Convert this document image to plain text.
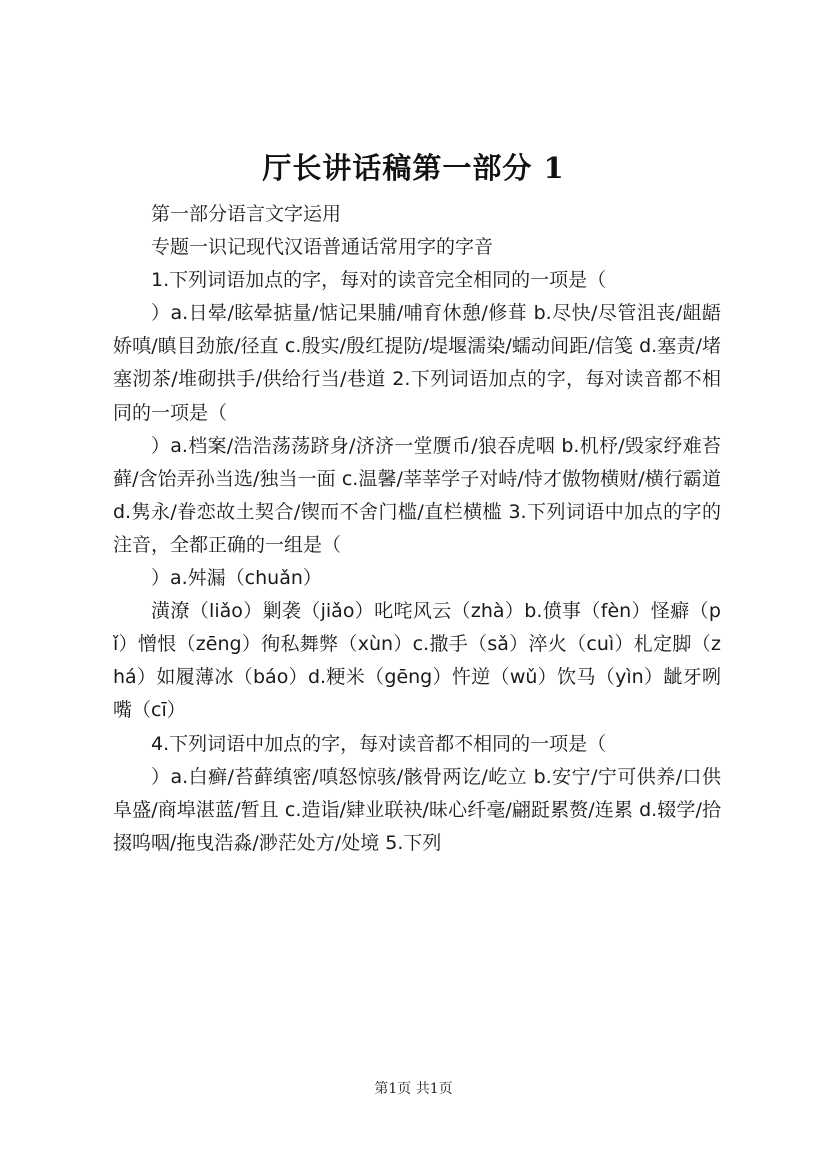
厅长讲话稿第一部分 1

第一部分语言文字运用

专题一识记现代汉语普通话常用字的字音

1.下列词语加点的字，每对的读音完全相同的一项是（

）a.日晕/眩晕掂量/惦记果脯/哺育休憩/修葺 b.尽快/尽管沮丧/龃龉娇嗔/瞋目劲旅/径直 c.殷实/殷红提防/堤堰濡染/蠕动间距/信笺 d.塞责/堵塞沏茶/堆砌拱手/供给行当/巷道 2.下列词语加点的字，每对读音都不相同的一项是（

）a.档案/浩浩荡荡跻身/济济一堂赝币/狼吞虎咽 b.机杼/毁家纾难苔藓/含饴弄孙当选/独当一面 c.温馨/莘莘学子对峙/恃才傲物横财/横行霸道 d.隽永/眷恋故土契合/锲而不舍门槛/直栏横槛 3.下列词语中加点的字的注音，全都正确的一组是（

）a.舛漏（chuǎn）

潢潦（liǎo）剿袭（jiǎo）叱咤风云（zhà）b.偾事（fèn）怪癖（pǐ）憎恨（zēng）徇私舞弊（xùn）c.撒手（sǎ）淬火（cuì）札定脚（zhá）如履薄冰（báo）d.粳米（gēng）忤逆（wǔ）饮马（yìn）龇牙咧嘴（cī）

4.下列词语中加点的字，每对读音都不相同的一项是（

）a.白癣/苔藓缜密/嗔怒惊骇/骸骨两讫/屹立 b.安宁/宁可供养/口供阜盛/商埠湛蓝/暂且 c.造诣/肄业联袂/昧心纤毫/翩跹累赘/连累 d.辍学/拾掇呜咽/拖曳浩淼/渺茫处方/处境 5.下列

第1页 共1页
